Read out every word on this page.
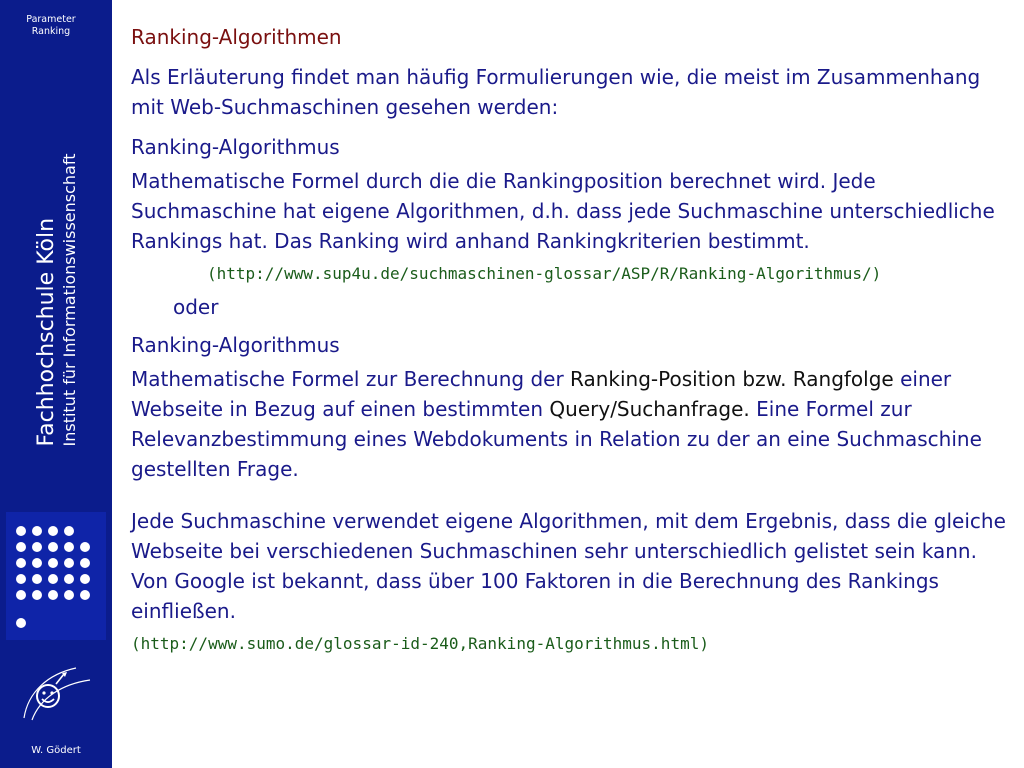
Parameter
Ranking
Fachhochschule Köln Institut für Informationswissenschaft
W. Gödert

Ranking-Algorithmen

Als Erläuterung findet man häufig Formulierungen wie, die meist im Zusammenhang mit Web-Suchmaschinen gesehen werden:

Ranking-Algorithmus

Mathematische Formel durch die die Rankingposition berechnet wird. Jede Suchmaschine hat eigene Algorithmen, d.h. dass jede Suchmaschine unterschiedliche Rankings hat. Das Ranking wird anhand Rankingkriterien bestimmt.

(http://www.sup4u.de/suchmaschinen-glossar/ASP/R/Ranking-Algorithmus/)

oder

Ranking-Algorithmus

Mathematische Formel zur Berechnung der Ranking-Position bzw. Rangfolge einer Webseite in Bezug auf einen bestimmten Query/Suchanfrage. Eine Formel zur Relevanzbestimmung eines Webdokuments in Relation zu der an eine Suchmaschine gestellten Frage.

Jede Suchmaschine verwendet eigene Algorithmen, mit dem Ergebnis, dass die gleiche Webseite bei verschiedenen Suchmaschinen sehr unterschiedlich gelistet sein kann. Von Google ist bekannt, dass über 100 Faktoren in die Berechnung des Rankings einfließen.

(http://www.sumo.de/glossar-id-240,Ranking-Algorithmus.html)
